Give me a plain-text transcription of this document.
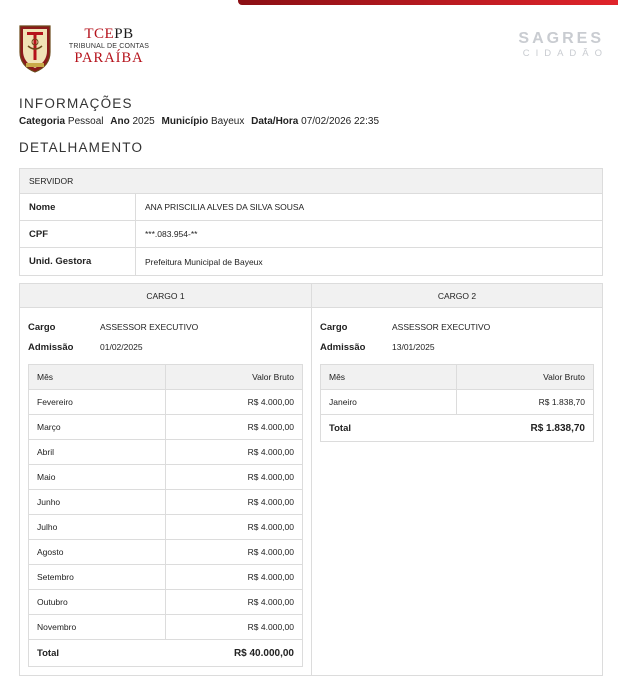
TCEPB
TRIBUNAL DE CONTAS
PARAÍBA
SAGRES
CIDADÃO
INFORMAÇÕES
Categoria Pessoal Ano 2025 Município Bayeux Data/Hora 07/02/2026 22:35
DETALHAMENTO
SERVIDOR
Nome	ANA PRISCILIA ALVES DA SILVA SOUSA
CPF	***.083.954-**
Unid. Gestora	Prefeitura Municipal de Bayeux
CARGO 1
Cargo	ASSESSOR EXECUTIVO
Admissão	01/02/2025
Mês	Valor Bruto
Fevereiro	R$ 4.000,00
Março	R$ 4.000,00
Abril	R$ 4.000,00
Maio	R$ 4.000,00
Junho	R$ 4.000,00
Julho	R$ 4.000,00
Agosto	R$ 4.000,00
Setembro	R$ 4.000,00
Outubro	R$ 4.000,00
Novembro	R$ 4.000,00
Total	R$ 40.000,00
CARGO 2
Cargo	ASSESSOR EXECUTIVO
Admissão	13/01/2025
Mês	Valor Bruto
Janeiro	R$ 1.838,70
Total	R$ 1.838,70
